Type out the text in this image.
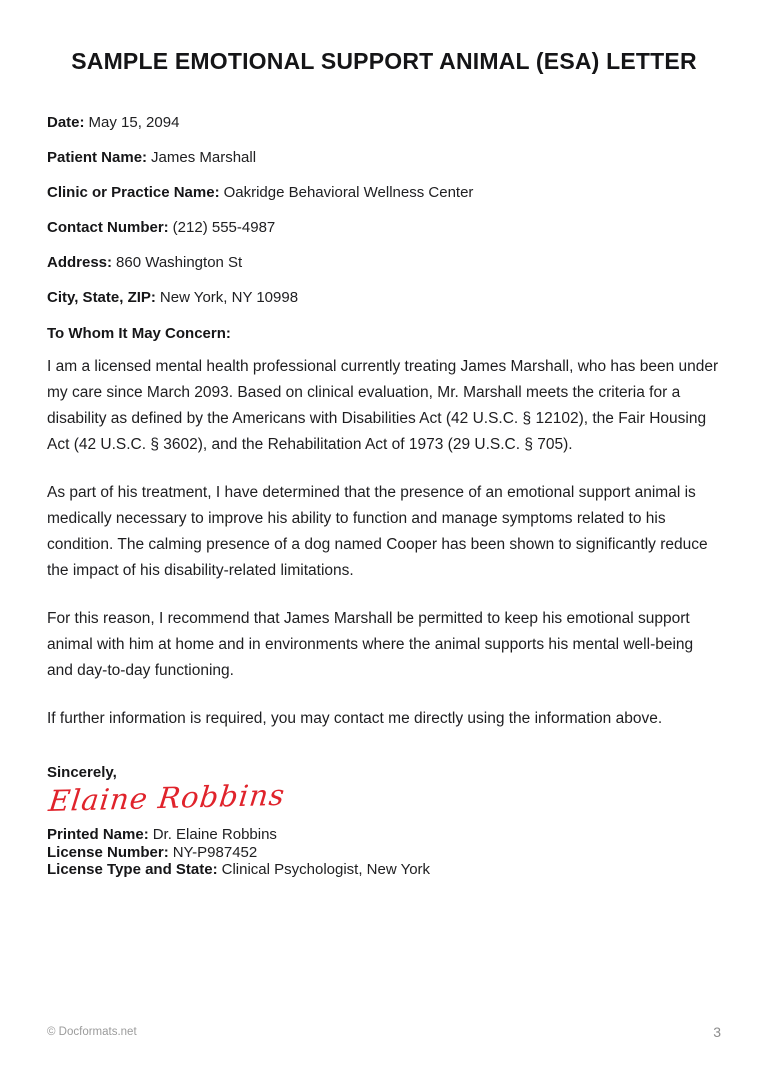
SAMPLE EMOTIONAL SUPPORT ANIMAL (ESA) LETTER

Date: May 15, 2094

Patient Name: James Marshall

Clinic or Practice Name: Oakridge Behavioral Wellness Center

Contact Number: (212) 555-4987

Address: 860 Washington St

City, State, ZIP: New York, NY 10998

To Whom It May Concern:

I am a licensed mental health professional currently treating James Marshall, who has been under my care since March 2093. Based on clinical evaluation, Mr. Marshall meets the criteria for a disability as defined by the Americans with Disabilities Act (42 U.S.C. § 12102), the Fair Housing Act (42 U.S.C. § 3602), and the Rehabilitation Act of 1973 (29 U.S.C. § 705).

As part of his treatment, I have determined that the presence of an emotional support animal is medically necessary to improve his ability to function and manage symptoms related to his condition. The calming presence of a dog named Cooper has been shown to significantly reduce the impact of his disability-related limitations.

For this reason, I recommend that James Marshall be permitted to keep his emotional support animal with him at home and in environments where the animal supports his mental well-being and day-to-day functioning.

If further information is required, you may contact me directly using the information above.

Sincerely,

Elaine Robbins

Printed Name: Dr. Elaine Robbins

License Number: NY-P987452

License Type and State: Clinical Psychologist, New York

© Docformats.net	3
